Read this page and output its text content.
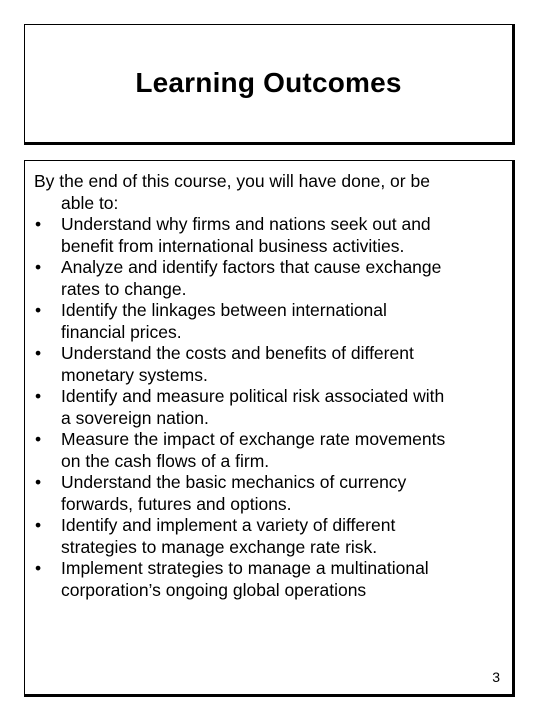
Learning Outcomes

By the end of this course, you will have done, or be
able to:

•	Understand why firms and nations seek out and
benefit from international business activities.
•	Analyze and identify factors that cause exchange
rates to change.
•	Identify the linkages between international
financial prices.
•	Understand the costs and benefits of different
monetary systems.
•	Identify and measure political risk associated with
a sovereign nation.
•	Measure the impact of exchange rate movements
on the cash flows of a firm.
•	Understand the basic mechanics of currency
forwards, futures and options.
•	Identify and implement a variety of different
strategies to manage exchange rate risk.
•	Implement strategies to manage a multinational
corporation’s ongoing global operations
3
